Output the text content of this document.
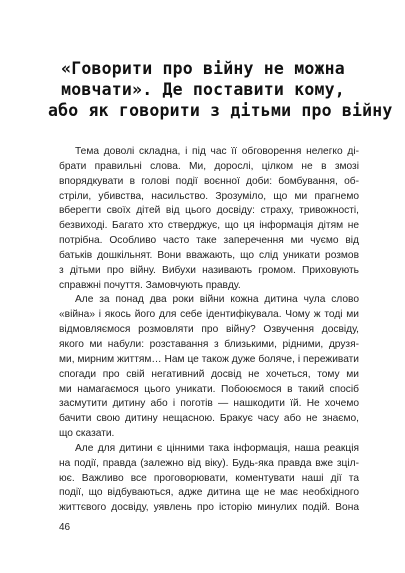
«Говорити про війну не можна
мовчати». Де поставити кому,
або як говорити з дітьми про війну

Тема доволі складна, і під час її обговорення нелегко ді-
брати правильні слова. Ми, дорослі, цілком не в змозі
впорядкувати в голові події воєнної доби: бомбування, об-
стріли, убивства, насильство. Зрозуміло, що ми прагнемо
вберегти своїх дітей від цього досвіду: страху, тривожності,
безвиході. Багато хто стверджує, що ця інформація дітям не
потрібна. Особливо часто таке заперечення ми чуємо від
батьків дошкільнят. Вони вважають, що слід уникати розмов
з дітьми про війну. Вибухи називають громом. Приховують
справжні почуття. Замовчують правду.

Але за понад два роки війни кожна дитина чула слово
«війна» і якось його для себе ідентифікувала. Чому ж тоді ми
відмовляємося розмовляти про війну? Озвучення досвіду,
якого ми набули: розставання з близькими, рідними, друзя-
ми, мирним життям… Нам це також дуже боляче, і переживати
спогади про свій негативний досвід не хочеться, тому ми
ми намагаємося цього уникати. Побоюємося в такий спосіб
засмутити дитину або і поготів — нашкодити їй. Не хочемо
бачити свою дитину нещасною. Бракує часу або не знаємо,
що сказати.

Але для дитини є цінними така інформація, наша реакція
на події, правда (залежно від віку). Будь-яка правда вже зціл-
ює. Важливо все проговорювати, коментувати наші дії та
події, що відбуваються, адже дитина ще не має необхідного
життєвого досвіду, уявлень про історію минулих подій. Вона

46
